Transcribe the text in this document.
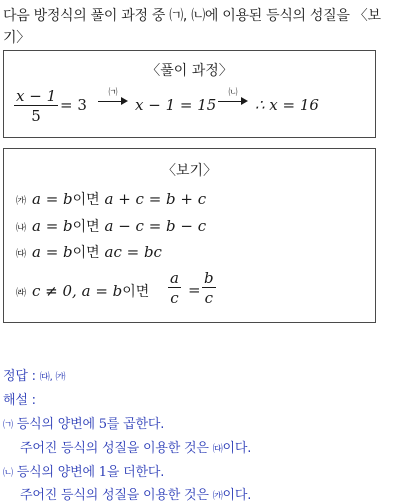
다음 방정식의 풀이 과정 중 ㈀, ㈁에 이용된 등식의 성질을 〈보기〉
〈풀이 과정〉
$\frac{x - 1}{5} = 3$
㈀
x − 1 = 15
㈁
∴ x = 16
〈보기〉
㈎ a = b이면 a + c = b + c
㈏ a = b이면 a − c = b − c
㈐ a = b이면 ac = bc
㈑ c ≠ 0, a = b이면 $\frac{a}{c} = \frac{b}{c}$
정답 : ㈐, ㈎
해설 :
㈀ 등식의 양변에 5를 곱한다.
주어진 등식의 성질을 이용한 것은 ㈐이다.
㈁ 등식의 양변에 1을 더한다.
주어진 등식의 성질을 이용한 것은 ㈎이다.
